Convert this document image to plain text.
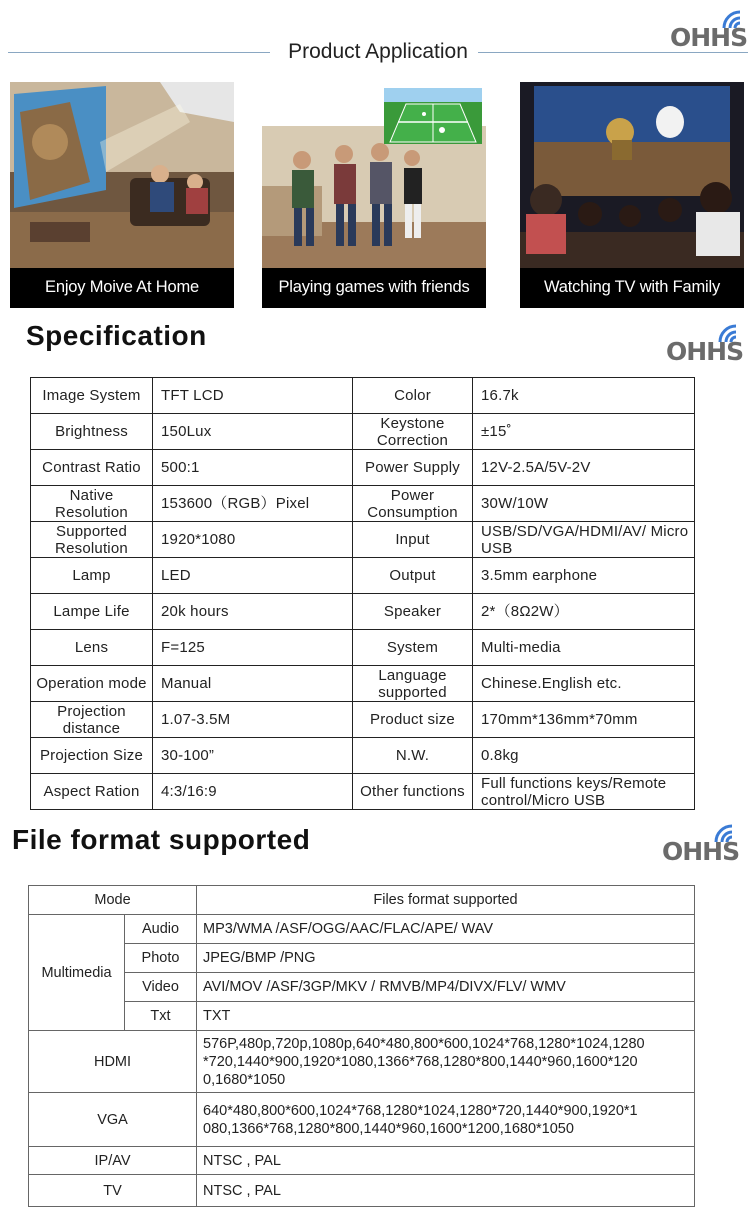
OHHS
OHHS
OHHS
Product Application
Enjoy Moive At Home	Playing games with friends	Watching TV with Family
Specification
Image System	TFT LCD	Color	16.7k
Brightness	150Lux	Keystone Correction	±15˚
Contrast Ratio	500:1	Power Supply	12V-2.5A/5V-2V
Native Resolution	153600（RGB）Pixel	Power Consumption	30W/10W
Supported Resolution	1920*1080	Input	USB/SD/VGA/HDMI/AV/ Micro USB
Lamp	LED	Output	3.5mm earphone
Lampe Life	20k hours	Speaker	2*（8Ω2W）
Lens	F=125	System	Multi-media
Operation mode	Manual	Language supported	Chinese.English etc.
Projection distance	1.07-3.5M	Product size	170mm*136mm*70mm
Projection Size	30-100”	N.W.	0.8kg
Aspect Ration	4:3/16:9	Other functions	Full functions keys/Remote control/Micro USB
File format supported
Mode		Files format supported
Multimedia	Audio	MP3/WMA /ASF/OGG/AAC/FLAC/APE/ WAV
	Photo	JPEG/BMP /PNG
	Video	AVI/MOV /ASF/3GP/MKV / RMVB/MP4/DIVX/FLV/ WMV
	Txt	TXT
HDMI		576P,480p,720p,1080p,640*480,800*600,1024*768,1280*1024,1280 *720,1440*900,1920*1080,1366*768,1280*800,1440*960,1600*120 0,1680*1050
VGA		640*480,800*600,1024*768,1280*1024,1280*720,1440*900,1920*1 080,1366*768,1280*800,1440*960,1600*1200,1680*1050
IP/AV		NTSC , PAL
TV		NTSC , PAL
